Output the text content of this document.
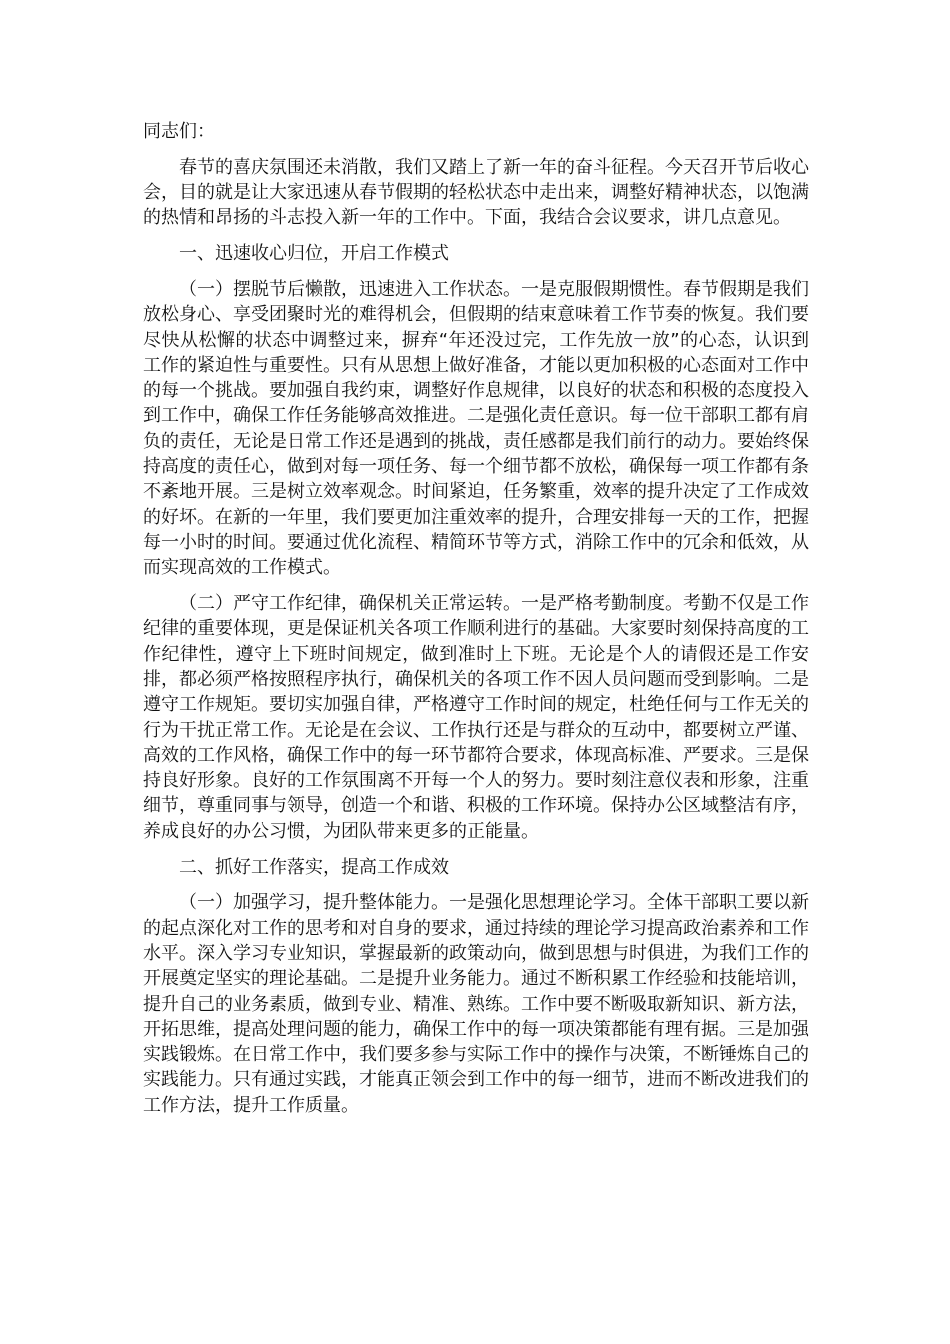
同志们：

春节的喜庆氛围还未消散，我们又踏上了新一年的奋斗征程。今天召开节后收心会，目的就是让大家迅速从春节假期的轻松状态中走出来，调整好精神状态，以饱满的热情和昂扬的斗志投入新一年的工作中。下面，我结合会议要求，讲几点意见。

一、迅速收心归位，开启工作模式

（一）摆脱节后懒散，迅速进入工作状态。一是克服假期惯性。春节假期是我们放松身心、享受团聚时光的难得机会，但假期的结束意味着工作节奏的恢复。我们要尽快从松懈的状态中调整过来，摒弃“年还没过完，工作先放一放”的心态，认识到工作的紧迫性与重要性。只有从思想上做好准备，才能以更加积极的心态面对工作中的每一个挑战。要加强自我约束，调整好作息规律，以良好的状态和积极的态度投入到工作中，确保工作任务能够高效推进。二是强化责任意识。每一位干部职工都有肩负的责任，无论是日常工作还是遇到的挑战，责任感都是我们前行的动力。要始终保持高度的责任心，做到对每一项任务、每一个细节都不放松，确保每一项工作都有条不紊地开展。三是树立效率观念。时间紧迫，任务繁重，效率的提升决定了工作成效的好坏。在新的一年里，我们要更加注重效率的提升，合理安排每一天的工作，把握每一小时的时间。要通过优化流程、精简环节等方式，消除工作中的冗余和低效，从而实现高效的工作模式。

（二）严守工作纪律，确保机关正常运转。一是严格考勤制度。考勤不仅是工作纪律的重要体现，更是保证机关各项工作顺利进行的基础。大家要时刻保持高度的工作纪律性，遵守上下班时间规定，做到准时上下班。无论是个人的请假还是工作安排，都必须严格按照程序执行，确保机关的各项工作不因人员问题而受到影响。二是遵守工作规矩。要切实加强自律，严格遵守工作时间的规定，杜绝任何与工作无关的行为干扰正常工作。无论是在会议、工作执行还是与群众的互动中，都要树立严谨、高效的工作风格，确保工作中的每一环节都符合要求，体现高标准、严要求。三是保持良好形象。良好的工作氛围离不开每一个人的努力。要时刻注意仪表和形象，注重细节，尊重同事与领导，创造一个和谐、积极的工作环境。保持办公区域整洁有序，养成良好的办公习惯，为团队带来更多的正能量。

二、抓好工作落实，提高工作成效

（一）加强学习，提升整体能力。一是强化思想理论学习。全体干部职工要以新的起点深化对工作的思考和对自身的要求，通过持续的理论学习提高政治素养和工作水平。深入学习专业知识，掌握最新的政策动向，做到思想与时俱进，为我们工作的开展奠定坚实的理论基础。二是提升业务能力。通过不断积累工作经验和技能培训，提升自己的业务素质，做到专业、精准、熟练。工作中要不断吸取新知识、新方法，开拓思维，提高处理问题的能力，确保工作中的每一项决策都能有理有据。三是加强实践锻炼。在日常工作中，我们要多参与实际工作中的操作与决策，不断锤炼自己的实践能力。只有通过实践，才能真正领会到工作中的每一细节，进而不断改进我们的工作方法，提升工作质量。
